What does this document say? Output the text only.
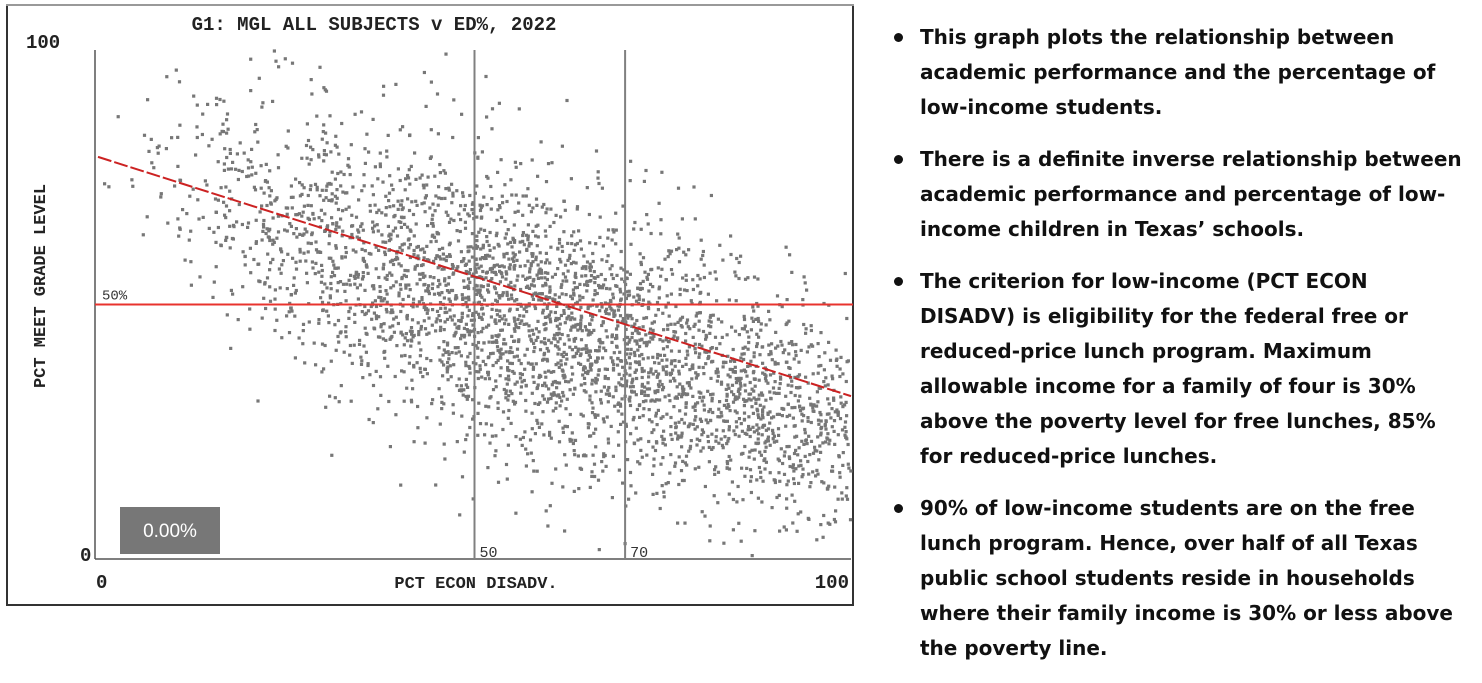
G1: MGL ALL SUBJECTS v ED%, 2022
50	70
50%
0.00%
100
0
0	100
PCT ECON DISADV.
PCT MEET GRADE LEVEL
This graph plots the relationship between academic performance and the percentage of low-income students.
There is a definite inverse relationship between academic performance and percentage of low-income children in Texas’ schools.
The criterion for low-income (PCT ECON DISADV) is eligibility for the federal free or reduced-price lunch program. Maximum allowable income for a family of four is 30% above the poverty level for free lunches, 85% for reduced-price lunches.
90% of low-income students are on the free lunch program. Hence, over half of all Texas public school students reside in households where their family income is 30% or less above the poverty line.
